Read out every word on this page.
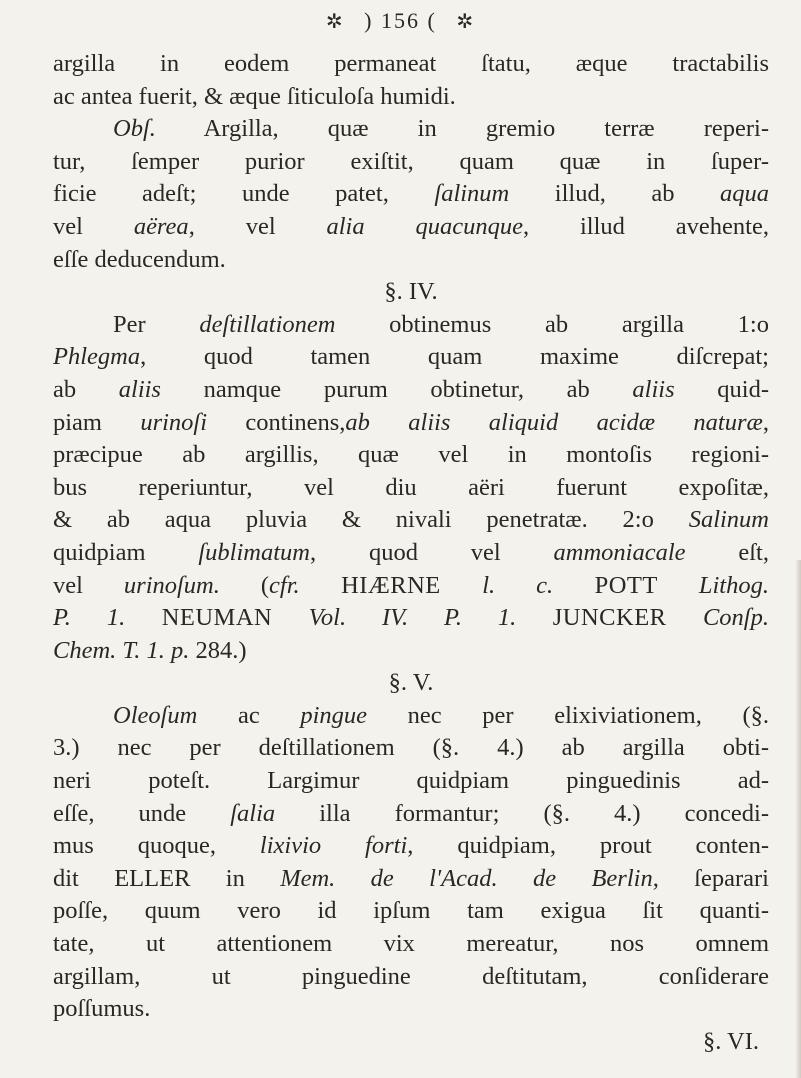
✲ ) 156 ( ✲
argilla in eodem permaneat ſtatu, æque tractabilis
ac antea fuerit, & æque ſiticuloſa humidi.
Obſ. Argilla, quæ in gremio terræ reperi-
tur, ſemper purior exiſtit, quam quæ in ſuper-
ficie adeſt; unde patet, ſalinum illud, ab aqua
vel aërea, vel alia quacunque, illud avehente,
eſſe deducendum.
§. IV.
Per deſtillationem obtinemus ab argilla 1:o
Phlegma, quod tamen quam maxime diſcrepat;
ab aliis namque purum obtinetur, ab aliis quid-
piam urinoſi continens,ab aliis aliquid acidæ naturæ,
præcipue ab argillis, quæ vel in montoſis regioni-
bus reperiuntur, vel diu aëri fuerunt expoſitæ,
& ab aqua pluvia & nivali penetratæ. 2:o Salinum
quidpiam ſublimatum, quod vel ammoniacale eſt,
vel urinoſum. (cfr. HIÆRNE l. c. POTT Lithog.
P. 1. NEUMAN Vol. IV. P. 1. JUNCKER Conſp.
Chem. T. 1. p. 284.)
§. V.
Oleoſum ac pingue nec per elixiviationem, (§.
3.) nec per deſtillationem (§. 4.) ab argilla obti-
neri poteſt. Largimur quidpiam pinguedinis ad-
eſſe, unde ſalia illa formantur; (§. 4.) concedi-
mus quoque, lixivio forti, quidpiam, prout conten-
dit ELLER in Mem. de l'Acad. de Berlin, ſeparari
poſſe, quum vero id ipſum tam exigua ſit quanti-
tate, ut attentionem vix mereatur, nos omnem
argillam, ut pinguedine deſtitutam, conſiderare
poſſumus.
§. VI.
